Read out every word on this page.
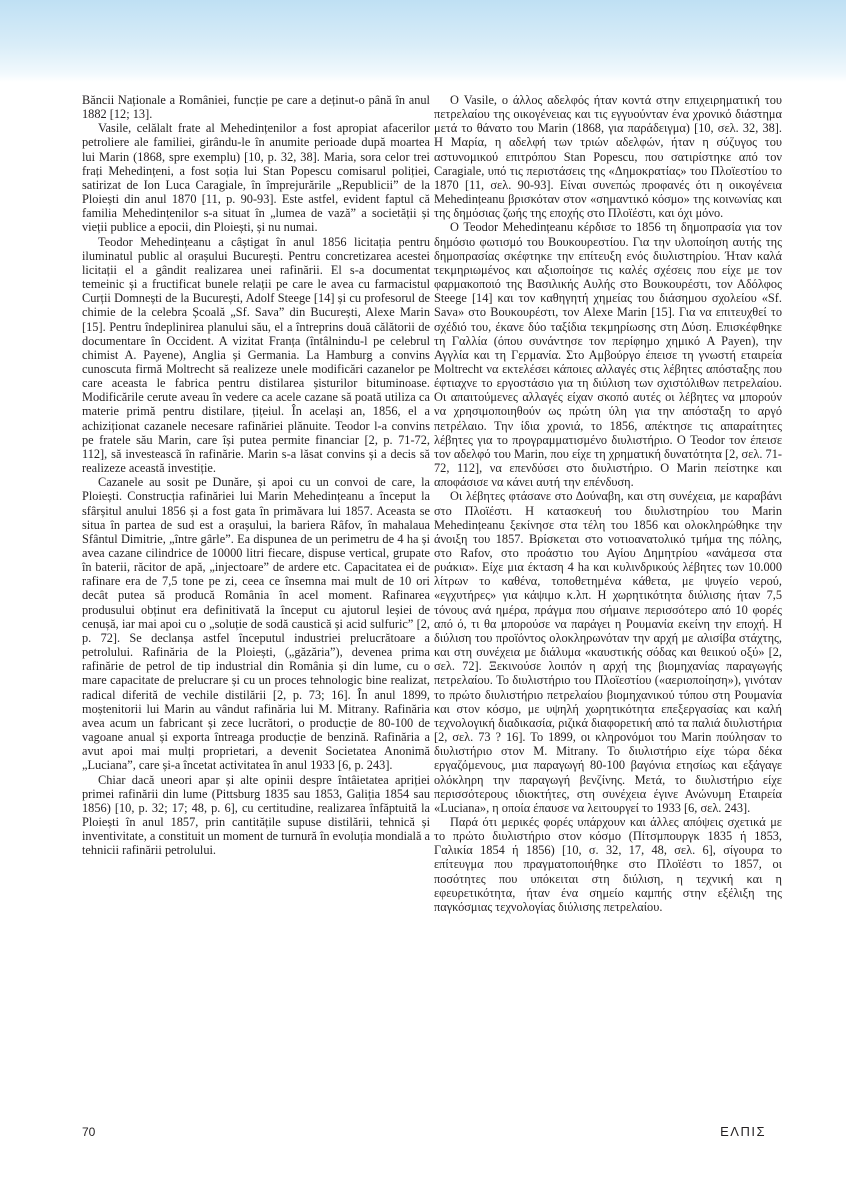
Băncii Naționale a României, funcție pe care a deținut-o până în anul 1882 [12; 13].

Vasile, celălalt frate al Mehedințenilor a fost apropiat afacerilor petroliere ale familiei, girându-le în anumite perioade după moartea lui Marin (1868, spre exemplu) [10, p. 32, 38]. Maria, sora celor trei frați Mehedințeni, a fost soția lui Stan Popescu comisarul poliției, satirizat de Ion Luca Caragiale, în împrejurările „Republicii” de la Ploiești din anul 1870 [11, p. 90-93]. Este astfel, evident faptul că familia Mehedințenilor s-a situat în „lumea de vază” a societății și vieții publice a epocii, din Ploiești, și nu numai.

Teodor Mehedințeanu a câștigat în anul 1856 licitația pentru iluminatul public al orașului București. Pentru concretizarea acestei licitații el a gândit realizarea unei rafinării. El s-a documentat temeinic și a fructificat bunele relații pe care le avea cu farmacistul Curții Domnești de la București, Adolf Steege [14] și cu profesorul de chimie de la celebra Școală „Sf. Sava” din București, Alexe Marin [15]. Pentru îndeplinirea planului său, el a întreprins două călătorii de documentare în Occident. A vizitat Franța (întâlnindu-l pe celebrul chimist A. Payene), Anglia și Germania. La Hamburg a convins cunoscuta firmă Moltrecht să realizeze unele modificări cazanelor pe care aceasta le fabrica pentru distilarea șisturilor bituminoase. Modificările cerute aveau în vedere ca acele cazane să poată utiliza ca materie primă pentru distilare, țițeiul. În același an, 1856, el a achiziționat cazanele necesare rafinăriei plănuite. Teodor l-a convins pe fratele său Marin, care își putea permite financiar [2, p. 71-72, 112], să investească în rafinărie. Marin s-a lăsat convins și a decis să realizeze această investiție.

Cazanele au sosit pe Dunăre, și apoi cu un convoi de care, la Ploiești. Construcția rafinăriei lui Marin Mehedințeanu a început la sfârșitul anului 1856 și a fost gata în primăvara lui 1857. Aceasta se situa în partea de sud est a orașului, la bariera Râfov, în mahalaua Sfântul Dimitrie, „între gârle”. Ea dispunea de un perimetru de 4 ha și avea cazane cilindrice de 10000 litri fiecare, dispuse vertical, grupate în baterii, răcitor de apă, „injectoare” de ardere etc. Capacitatea ei de rafinare era de 7,5 tone pe zi, ceea ce însemna mai mult de 10 ori decât putea să producă România în acel moment. Rafinarea produsului obținut era definitivată la început cu ajutorul leșiei de cenușă, iar mai apoi cu o „soluție de sodă caustică și acid sulfuric” [2, p. 72]. Se declanșa astfel începutul industriei prelucrătoare a petrolului. Rafinăria de la Ploiești, („găzăria”), devenea prima rafinărie de petrol de tip industrial din România și din lume, cu o mare capacitate de prelucrare și cu un proces tehnologic bine realizat, radical diferită de vechile distilării [2, p. 73; 16]. În anul 1899, moștenitorii lui Marin au vândut rafinăria lui M. Mitrany. Rafinăria avea acum un fabricant și zece lucrători, o producție de 80-100 de vagoane anual și exporta întreaga producție de benzină. Rafinăria a avut apoi mai mulți proprietari, a devenit Societatea Anonimă „Luciana”, care și-a încetat activitatea în anul 1933 [6, p. 243].

Chiar dacă uneori apar și alte opinii despre întâietatea apriției primei rafinării din lume (Pittsburg 1835 sau 1853, Galiția 1854 sau 1856) [10, p. 32; 17; 48, p. 6], cu certitudine, realizarea înfăptuită la Ploiești în anul 1857, prin cantitățile supuse distilării, tehnică și inventivitate, a constituit un moment de turnură în evoluția mondială a tehnicii rafinării petrolului.

Ο Vasile, ο άλλος αδελφός ήταν κοντά στην επιχειρηματική του πετρελαίου της οικογένειας και τις εγγυούνταν ένα χρονικό διάστημα μετά το θάνατο του Marin (1868, για παράδειγμα) [10, σελ. 32, 38]. Η Μαρία, η αδελφή των τριών αδελφών, ήταν η σύζυγος του αστυνομικού επιτρόπου Stan Popescu, που σατιρίστηκε από τον Caragiale, υπό τις περιστάσεις της «Δημοκρατίας» του Πλοϊεστίου το 1870 [11, σελ. 90-93]. Είναι συνεπώς προφανές ότι η οικογένεια Mehedințeanu βρισκόταν στον «σημαντικό κόσμο» της κοινωνίας και της δημόσιας ζωής της εποχής στο Πλοϊέστι, και όχι μόνο.

Ο Teodor Mehedințeanu κέρδισε το 1856 τη δημοπρασία για τον δημόσιο φωτισμό του Βουκουρεστίου. Για την υλοποίηση αυτής της δημοπρασίας σκέφτηκε την επίτευξη ενός διυλιστηρίου. Ήταν καλά τεκμηριωμένος και αξιοποίησε τις καλές σχέσεις που είχε με τον φαρμακοποιό της Βασιλικής Αυλής στο Βουκουρέστι, τον Αδόλφος Steege [14] και τον καθηγητή χημείας του διάσημου σχολείου «Sf. Sava» στο Βουκουρέστι, τον Alexe Marin [15]. Για να επιτευχθεί το σχέδιό του, έκανε δύο ταξίδια τεκμηρίωσης στη Δύση. Επισκέφθηκε τη Γαλλία (όπου συνάντησε τον περίφημο χημικό A Payen), την Αγγλία και τη Γερμανία. Στο Αμβούργο έπεισε τη γνωστή εταιρεία Moltrecht να εκτελέσει κάποιες αλλαγές στις λέβητες απόσταξης που έφτιαχνε το εργοστάσιο για τη διύλιση των σχιστόλιθων πετρελαίου. Οι απαιτούμενες αλλαγές είχαν σκοπό αυτές οι λέβητες να μπορούν να χρησιμοποιηθούν ως πρώτη ύλη για την απόσταξη το αργό πετρέλαιο. Την ίδια χρονιά, το 1856, απέκτησε τις απαραίτητες λέβητες για το προγραμματισμένο διυλιστήριο. Ο Teodor τον έπεισε τον αδελφό του Marin, που είχε τη χρηματική δυνατότητα [2, σελ. 71-72, 112], να επενδύσει στο διυλιστήριο. Ο Marin πείστηκε και αποφάσισε να κάνει αυτή την επένδυση.

Οι λέβητες φτάσανε στο Δούναβη, και στη συνέχεια, με καραβάνι στο Πλοϊέστι. Η κατασκευή του διυλιστηρίου του Marin Mehedințeanu ξεκίνησε στα τέλη του 1856 και ολοκληρώθηκε την άνοιξη του 1857. Βρίσκεται στο νοτιοανατολικό τμήμα της πόλης, στο Rafov, στο προάστιο του Αγίου Δημητρίου «ανάμεσα στα ρυάκια». Είχε μια έκταση 4 ha και κυλινδρικούς λέβητες των 10.000 λίτρων το καθένα, τοποθετημένα κάθετα, με ψυγείο νερού, «εγχυτήρες» για κάψιμο κ.λπ. Η χωρητικότητα διύλισης ήταν 7,5 τόνους ανά ημέρα, πράγμα που σήμαινε περισσότερο από 10 φορές από ό, τι θα μπορούσε να παράγει η Ρουμανία εκείνη την εποχή. Η διύλιση του προϊόντος ολοκληρωνόταν την αρχή με αλισίβα στάχτης, και στη συνέχεια με διάλυμα «καυστικής σόδας και θειικού οξύ» [2, σελ. 72]. Ξεκινούσε λοιπόν η αρχή της βιομηχανίας παραγωγής πετρελαίου. Το διυλιστήριο του Πλοϊεστίου («αεριοποίηση»), γινόταν το πρώτο διυλιστήριο πετρελαίου βιομηχανικού τύπου στη Ρουμανία και στον κόσμο, με υψηλή χωρητικότητα επεξεργασίας και καλή τεχνολογική διαδικασία, ριζικά διαφορετική από τα παλιά διυλιστήρια [2, σελ. 73 ? 16]. Το 1899, οι κληρονόμοι του Marin πούλησαν το διυλιστήριο στον M. Mitrany. Το διυλιστήριο είχε τώρα δέκα εργαζόμενους, μια παραγωγή 80-100 βαγόνια ετησίως και εξάγαγε ολόκληρη την παραγωγή βενζίνης. Μετά, το διυλιστήριο είχε περισσότερους ιδιοκτήτες, στη συνέχεια έγινε Ανώνυμη Εταιρεία «Luciana», η οποία έπαυσε να λειτουργεί το 1933 [6, σελ. 243].

Παρά ότι μερικές φορές υπάρχουν και άλλες απόψεις σχετικά με το πρώτο διυλιστήριο στον κόσμο (Πίτσμπουργκ 1835 ή 1853, Γαλικία 1854 ή 1856) [10, σ. 32, 17, 48, σελ. 6], σίγουρα το επίτευγμα που πραγματοποιήθηκε στο Πλοϊέστι το 1857, οι ποσότητες που υπόκειται στη διύλιση, η τεχνική και η εφευρετικότητα, ήταν ένα σημείο καμπής στην εξέλιξη της παγκόσμιας τεχνολογίας διύλισης πετρελαίου.

70	ΕΛΠΙΣ
